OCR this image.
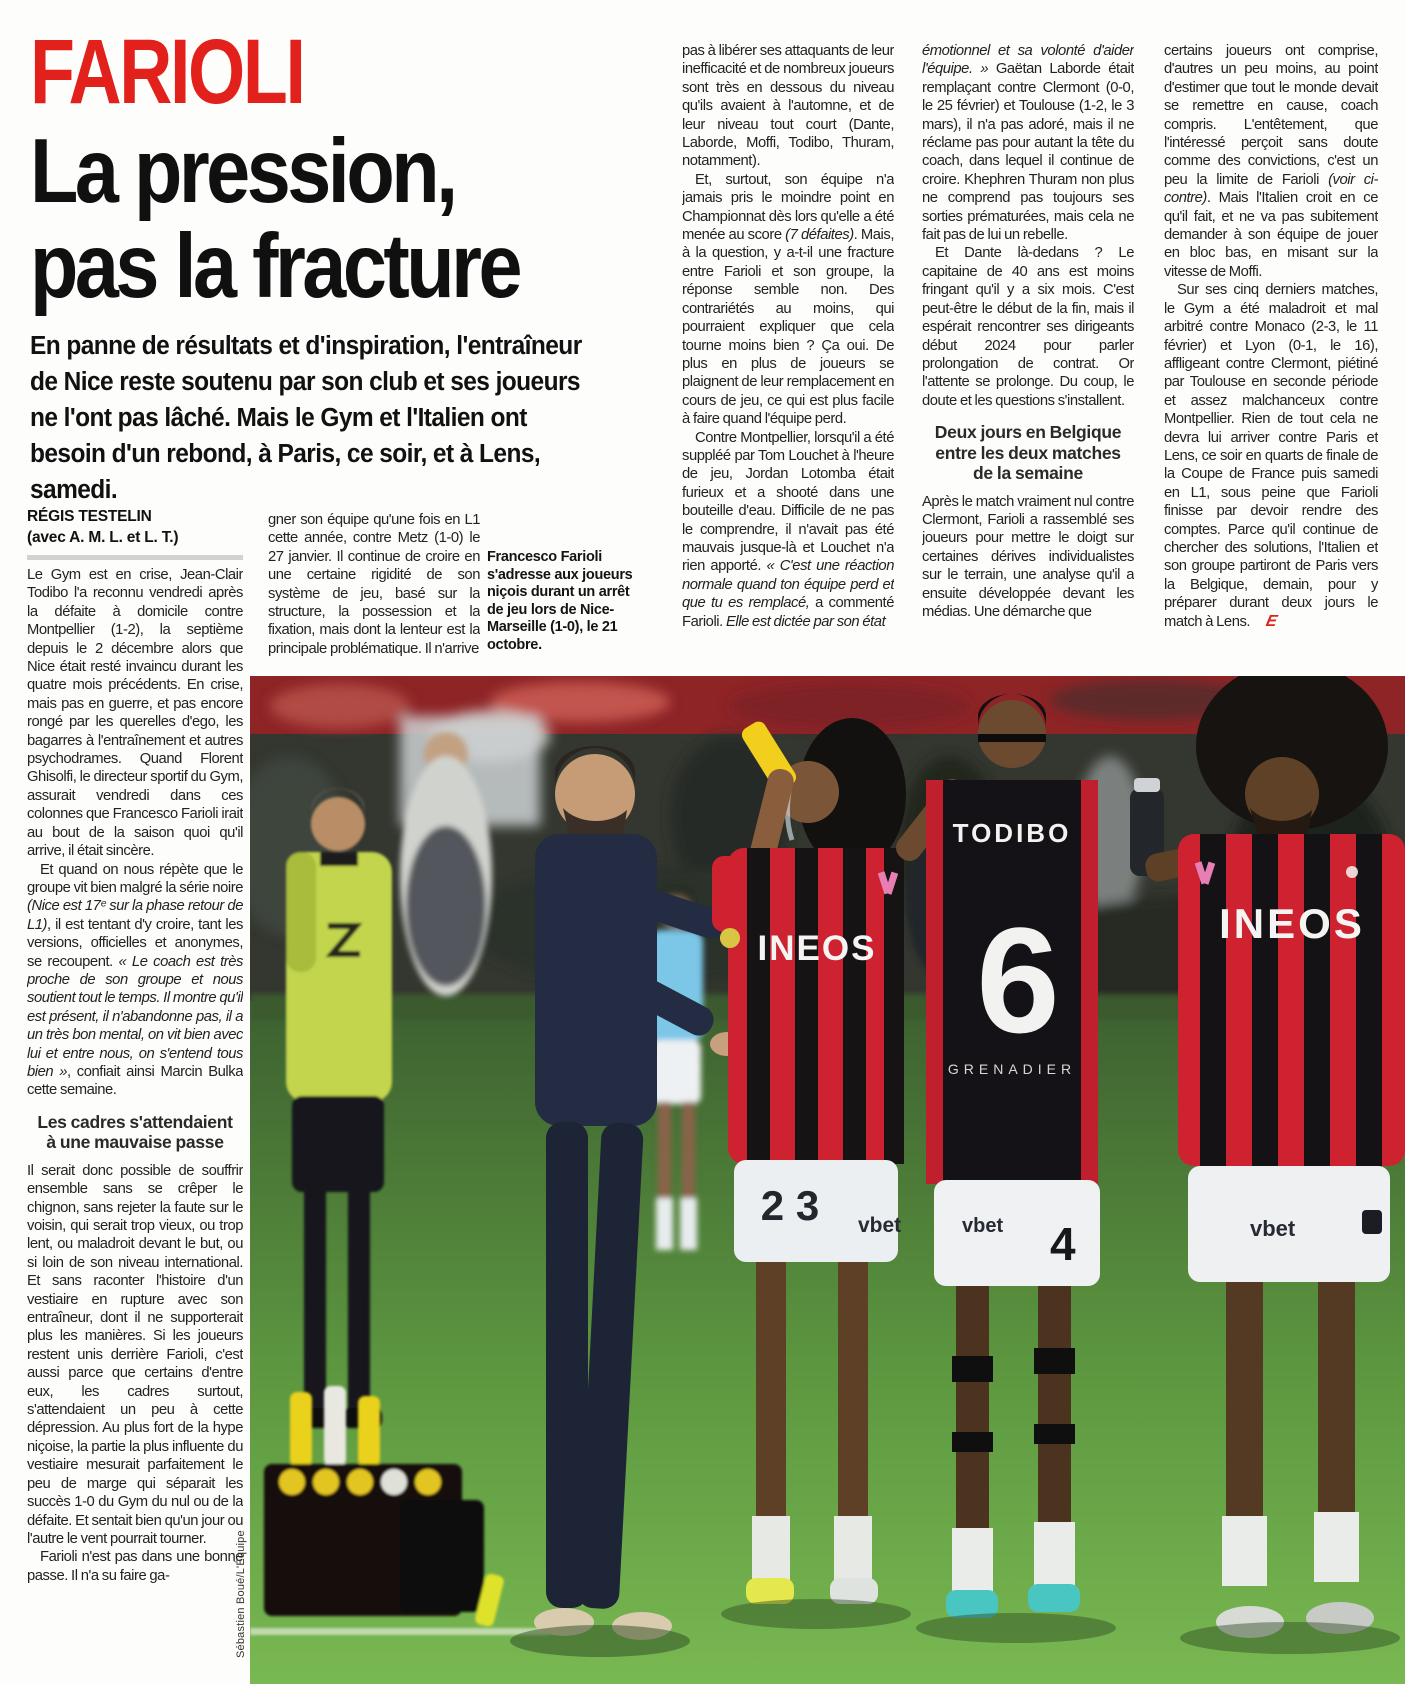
FARIOLI
La pression,
pas la fracture

En panne de résultats et d'inspiration, l'entraîneur de Nice reste soutenu par son club et ses joueurs ne l'ont pas lâché. Mais le Gym et l'Italien ont besoin d'un rebond, à Paris, ce soir, et à Lens, samedi.

RÉGIS TESTELIN
(avec A. M. L. et L. T.)

Le Gym est en crise, Jean-Clair Todibo l'a reconnu vendredi après la défaite à domicile contre Montpellier (1-2), la septième depuis le 2 décembre alors que Nice était resté invaincu durant les quatre mois précédents. En crise, mais pas en guerre, et pas encore rongé par les querelles d'ego, les bagarres à l'entraînement et autres psychodrames. Quand Florent Ghisolfi, le directeur sportif du Gym, assurait vendredi dans ces colonnes que Francesco Farioli irait au bout de la saison quoi qu'il arrive, il était sincère.

Et quand on nous répète que le groupe vit bien malgré la série noire (Nice est 17ᵉ sur la phase retour de L1), il est tentant d'y croire, tant les versions, officielles et anonymes, se recoupent. « Le coach est très proche de son groupe et nous soutient tout le temps. Il montre qu'il est présent, il n'abandonne pas, il a un très bon mental, on vit bien avec lui et entre nous, on s'entend tous bien », confiait ainsi Marcin Bulka cette semaine.

Les cadres s'attendaient à une mauvaise passe

Il serait donc possible de souffrir ensemble sans se crêper le chignon, sans rejeter la faute sur le voisin, qui serait trop vieux, ou trop lent, ou maladroit devant le but, ou si loin de son niveau international. Et sans raconter l'histoire d'un vestiaire en rupture avec son entraîneur, dont il ne supporterait plus les manières. Si les joueurs restent unis derrière Farioli, c'est aussi parce que certains d'entre eux, les cadres surtout, s'attendaient un peu à cette dépression. Au plus fort de la hype niçoise, la partie la plus influente du vestiaire mesurait parfaitement le peu de marge qui séparait les succès 1-0 du Gym du nul ou de la défaite. Et sentait bien qu'un jour ou l'autre le vent pourrait tourner.

Farioli n'est pas dans une bonne passe. Il n'a su faire ga-

gner son équipe qu'une fois en L1 cette année, contre Metz (1-0) le 27 janvier. Il continue de croire en une certaine rigidité de son système de jeu, basé sur la structure, la possession et la fixation, mais dont la lenteur est la principale problématique. Il n'arrive

pas à libérer ses attaquants de leur inefficacité et de nombreux joueurs sont très en dessous du niveau qu'ils avaient à l'automne, et de leur niveau tout court (Dante, Laborde, Moffi, Todibo, Thuram, notamment).

Et, surtout, son équipe n'a jamais pris le moindre point en Championnat dès lors qu'elle a été menée au score (7 défaites). Mais, à la question, y a-t-il une fracture entre Farioli et son groupe, la réponse semble non. Des contrariétés au moins, qui pourraient expliquer que cela tourne moins bien ? Ça oui. De plus en plus de joueurs se plaignent de leur remplacement en cours de jeu, ce qui est plus facile à faire quand l'équipe perd.

Contre Montpellier, lorsqu'il a été suppléé par Tom Louchet à l'heure de jeu, Jordan Lotomba était furieux et a shooté dans une bouteille d'eau. Difficile de ne pas le comprendre, il n'avait pas été mauvais jusque-là et Louchet n'a rien apporté. « C'est une réaction normale quand ton équipe perd et que tu es remplacé, a commenté Farioli. Elle est dictée par son état

émotionnel et sa volonté d'aider l'équipe. » Gaëtan Laborde était remplaçant contre Clermont (0-0, le 25 février) et Toulouse (1-2, le 3 mars), il n'a pas adoré, mais il ne réclame pas pour autant la tête du coach, dans lequel il continue de croire. Khephren Thuram non plus ne comprend pas toujours ses sorties prématurées, mais cela ne fait pas de lui un rebelle.

Et Dante là-dedans ? Le capitaine de 40 ans est moins fringant qu'il y a six mois. C'est peut-être le début de la fin, mais il espérait rencontrer ses dirigeants début 2024 pour parler prolongation de contrat. Or l'attente se prolonge. Du coup, le doute et les questions s'installent.

Deux jours en Belgique entre les deux matches de la semaine

Après le match vraiment nul contre Clermont, Farioli a rassemblé ses joueurs pour mettre le doigt sur certaines dérives individualistes sur le terrain, une analyse qu'il a ensuite développée devant les médias. Une démarche que

certains joueurs ont comprise, d'autres un peu moins, au point d'estimer que tout le monde devait se remettre en cause, coach compris. L'entêtement, que l'intéressé perçoit sans doute comme des convictions, c'est un peu la limite de Farioli (voir ci-contre). Mais l'Italien croit en ce qu'il fait, et ne va pas subitement demander à son équipe de jouer en bloc bas, en misant sur la vitesse de Moffi.

Sur ses cinq derniers matches, le Gym a été maladroit et mal arbitré contre Monaco (2-3, le 11 février) et Lyon (0-1, le 16), affligeant contre Clermont, piétiné par Toulouse en seconde période et assez malchanceux contre Montpellier. Rien de tout cela ne devra lui arriver contre Paris et Lens, ce soir en quarts de finale de la Coupe de France puis samedi en L1, sous peine que Farioli finisse par devoir rendre des comptes. Parce qu'il continue de chercher des solutions, l'Italien et son groupe partiront de Paris vers la Belgique, demain, pour y préparer durant deux jours le match à Lens. E

Francesco Farioli s'adresse aux joueurs niçois durant un arrêt de jeu lors de Nice-Marseille (1-0), le 21 octobre.
INEOS
2 3 vbet
TODIBO
6
GRENADIER
vbet 4
INEOS
vbet
Sébastien Boué/L'Équipe
